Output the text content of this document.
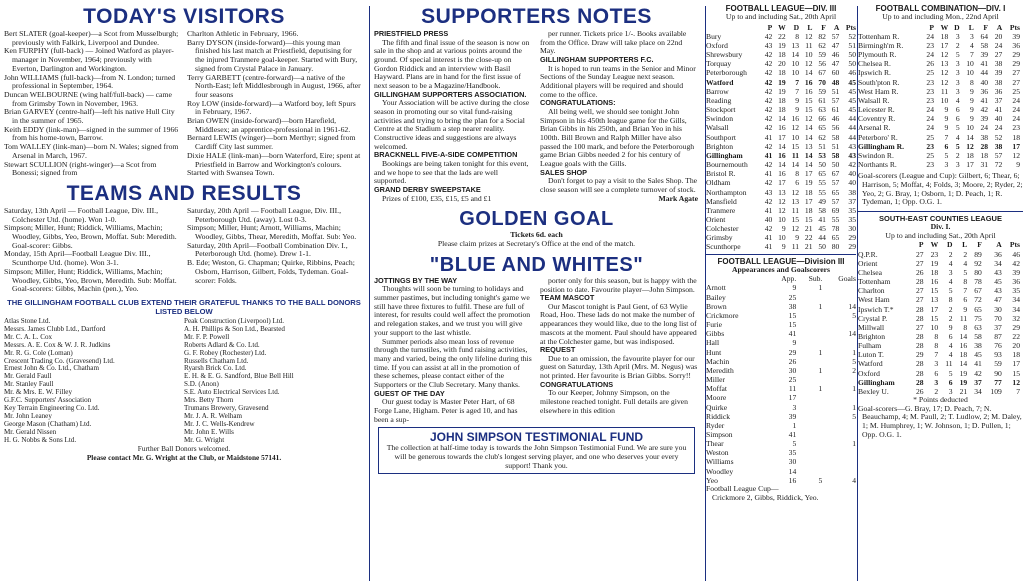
TODAY'S VISITORS

Bert SLATER (goal-keeper)—a Scot from Musselburgh; previously with Falkirk, Liverpool and Dundee.

Ken FURPHY (full-back) — Joined Watford as player-manager in November, 1964; previously with Everton, Darlington and Workington.

John WILLIAMS (full-back)—from N. London; turned professional in September, 1964.

Duncan WELBOURNE (wing half/full-back) — came from Grimsby Town in November, 1963.

Brian GARVEY (centre-half)—left his native Hull City in the summer of 1965.

Keith EDDY (link-man)—signed in the summer of 1966 from his home-town, Barrow.

Tom WALLEY (link-man)—born N. Wales; signed from Arsenal in March, 1967.

Stewart SCULLION (right-winger)—a Scot from Bonessi; signed from

Charlton Athletic in February, 1966.

Barry DYSON (inside-forward)—this young man finished his last match at Priestfield, deputising for the injured Tranmere goal-keeper. Started with Bury, signed from Crystal Palace in January.

Terry GARBETT (centre-forward)—a native of the North-East; left Middlesbrough in August, 1966, after four seasons

Roy LOW (inside-forward)—a Watford boy, left Spurs in February, 1967.

Brian OWEN (inside-forward)—born Harefield, Middlesex; an apprentice-professional in 1961-62.

Bernard LEWIS (winger)—born Merthyr; signed from Cardiff City last summer.

Dixie HALE (link-man)—born Waterford, Eire; spent at Priestfield in Barrow and Workington's colours.

Started with Swansea Town.

TEAMS AND RESULTS

Saturday, 13th April — Football League, Div. III., Colchester Utd. (home). Won 1-0.

Simpson; Miller, Hunt; Riddick, Williams, Machin; Woodley, Gibbs, Yeo, Brown, Moffat. Sub: Meredith. Goal-scorer: Gibbs.

Monday, 15th April—Football League Div. III., Scunthorpe Utd. (home). Won 3-1.

Simpson; Miller, Hunt; Riddick, Williams, Machin; Woodley, Gibbs, Yeo, Brown, Meredith. Sub: Moffat. Goal-scorers: Gibbs, Machin (pen.), Yeo.

Saturday, 20th April — Football League, Div. III., Peterborough Utd. (away). Lost 0-3.

Simpson; Miller, Hunt; Arnott, Williams, Machin; Woodley, Gibbs, Thear, Meredith, Moffat. Sub: Yeo.

Saturday, 20th April—Football Combination Div. I., Peterborough Utd. (home). Drew 1-1.

B. Ede; Weston, G. Chapman; Quirke, Ribbins, Peach; Osborn, Harrison, Gilbert, Folds, Tydeman. Goal-scorer: Folds.

THE GILLINGHAM FOOTBALL CLUB EXTEND THEIR GRATEFUL THANKS TO THE BALL DONORS LISTED BELOW
Atlas Stone Ltd.
Messrs. James Clubb Ltd., Dartford
Mr. C. A. L. Cox
Messrs. A. E. Cox & W. J. R. Judkins
Mr. R. G. Cole (Loman)
Crescent Trading Co. (Gravesend) Ltd.
Ernest John & Co. Ltd., Chatham
Mr. Gerald Faull
Mr. Stanley Faull
Mr. & Mrs. E. W. Filley
G.F.C. Supporters' Association
Key Terrain Engineering Co. Ltd.
Mr. John Leaney
George Mason (Chatham) Ltd.
Mr. Gerald Nissen
H. G. Nobbs & Sons Ltd.
Peak Construction (Liverpool) Ltd.
A. H. Phillips & Son Ltd., Bearsted
Mr. F. P. Powell
Roberts Adlard & Co. Ltd.
G. F. Robey (Rochester) Ltd.
Russells Chatham Ltd.
Ryarsh Brick Co. Ltd.
E. H. & E. G. Sandford, Blue Bell Hill
S.D. (Anon)
S.E. Auto Electrical Services Ltd.
Mrs. Betty Thorn
Trumans Brewery, Gravesend
Mr. J. A. R. Welham
Mr. J. C. Wells-Kendrew
Mr. John E. Wills
Mr. G. Wright
Further Ball Donors welcomed.
Please contact Mr. G. Wright at the Club, or Maidstone 57141.
SUPPORTERS NOTES
PRIESTFIELD PRESS

The fifth and final issue of the season is now on sale in the shop and at various points around the ground. Of special interest is the close-up on Gordon Riddick and an interview with Basil Hayward. Plans are in hand for the first issue of next season to be a Magazine/Handbook.

GILLINGHAM SUPPORTERS ASSOCIATION.

Your Association will be active during the close season in promoting our so vital fund-raising activities and trying to bring the plan for a Social Centre at the Stadium a step nearer reality. Constructive ideas and suggestions are always welcomed.

BRACKNELL FIVE-A-SIDE COMPETITION

Bookings are being taken tonight for this event, and we hope to see that the lads are well supported.

GRAND DERBY SWEEPSTAKE

Prizes of £100, £35, £15, £5 and £1

per runner. Tickets price 1/-. Books available from the Office. Draw will take place on 22nd May.

GILLINGHAM SUPPORTERS F.C.

It is hoped to run teams in the Senior and Minor Sections of the Sunday League next season. Additional players will be required and should come to the office.

CONGRATULATIONS:

All being well, we should see tonight John Simpson in his 450th league game for the Gills, Brian Gibbs in his 250th, and Brian Yeo in his 100th. Bill Brown and Ralph Miller have also passed the 100 mark, and before the Peterborough game Brian Gibbs needed 2 for his century of League goals with the Gills.

SALES SHOP

Don't forget to pay a visit to the Sales Shop. The close season will see a complete turnover of stock.

Mark Agate
GOLDEN GOAL
Tickets 6d. each
Please claim prizes at Secretary's Office at the end of the match.
"BLUE AND WHITES"
JOTTINGS BY THE WAY

Thoughts will soon be turning to holidays and summer pastimes, but including tonight's game we still have three fixtures to fulfil. These are full of interest, for results could well affect the promotion and relegation stakes, and we trust you will give your support to the last whistle.

Summer periods also mean loss of revenue through the turnstiles, with fund raising activities, many and varied, being the only lifeline during this time. If you can assist at all in the promotion of these schemes, please contact either of the Supporters or the Club Secretary. Many thanks.

GUEST OF THE DAY

Our guest today is Master Peter Hart, of 68 Forge Lane, Higham. Peter is aged 10, and has been a sup-

porter only for this season, but is happy with the position to date. Favourite player—John Simpson.

TEAM MASCOT

Our Mascot tonight is Paul Gent, of 63 Wylie Road, Hoo. These lads do not make the number of appearances they would like, due to the long list of mascots at the moment. Paul should have appeared at the Colchester game, but was indisposed.

REQUEST

Due to an omission, the favourite player for our guest on Saturday, 13th April (Mrs. M. Negus) was not printed. Her favourite is Brian Gibbs. Sorry!!

CONGRATULATIONS

To our Keeper, Johnny Simpson, on the milestone reached tonight. Full details are given elsewhere in this edition

JOHN SIMPSON TESTIMONIAL FUND
The collection at half-time today is towards the John Simpson Testimonial Fund. We are sure you will be generous towards the club's longest serving player, and one who deserves your every support! Thank you.
FOOTBALL LEAGUE—DIV. III
Up to and including Sat., 20th April
	P	W	D	L	F	A	Pts
Bury	42	22	8	12	82	57	52
Oxford	43	19	13	11	62	47	51
Shrewsbury	42	18	14	10	59	46	50
Torquay	42	20	10	12	56	47	50
Peterborough	42	18	10	14	67	60	46
Watford	42	19	7	16	70	48	45
Barrow	42	19	7	16	59	51	45
Reading	42	18	9	15	61	57	45
Stockport	42	18	9	15	63	61	45
Swindon	42	14	16	12	66	46	44
Walsall	42	16	12	14	65	56	44
Southport	41	17	10	14	62	58	44
Brighton	42	14	15	13	51	51	43
Gillingham	41	16	11	14	53	58	43
Bournemouth	42	14	14	14	50	50	42
Bristol R.	41	16	8	17	65	67	40
Oldham	42	17	6	19	55	57	40
Northampton	43	13	12	18	55	65	38
Mansfield	42	12	13	17	49	57	37
Tranmere	41	12	11	18	58	69	35
Orient	40	10	15	15	41	55	35
Colchester	42	9	12	21	45	78	30
Grimsby	41	10	9	22	44	65	29
Scunthorpe	41	9	11	21	50	80	29
FOOTBALL LEAGUE—Division III
Appearances and Goalscorers
	App.	Sub.	Goals
Arnott	9	1	
Bailey	25		
Brown	38	1	14
Crickmore	15		5
Furie	15		
Gibbs	41		14
Hall	9		
Hunt	29	1	1
Machin	26		5
Meredith	30	1	2
Miller	25		
Moffat	11	1	1
Moore	17		
Quirke	3		1
Riddick	39		5
Ryder	1		
Simpson	41		
Thear	5		1
Weston	35		
Williams	30		
Woodley	14		
Yeo	16	5	4
Football League Cup—
Crickmore 2, Gibbs, Riddick, Yeo.
FOOTBALL COMBINATION—DIV. I
Up to and including Mon., 22nd April
	P	W	D	L	F	A	Pts
Tottenham R.	24	18	3	3	64	20	39
Birmingh'm R.	23	17	2	4	58	24	36
Plymouth R.	24	12	5	7	39	27	29
Chelsea R.	26	13	3	10	41	38	29
Ipswich R.	25	12	3	10	44	39	27
South'pton R.	23	12	3	8	40	38	27
West Ham R.	23	11	3	9	36	36	25
Walsall R.	23	10	4	9	41	37	24
Leicester R.	24	9	6	9	42	41	24
Coventry R.	24	9	6	9	39	40	24
Arsenal R.	24	9	5	10	24	24	23
Peterboro' R.	25	7	4	14	38	52	18
Gillingham R.	23	6	5	12	28	38	17
Swindon R.	25	5	2	18	18	57	12
Northants R.	23	3	3	17	31	72	9
Goal-scorers (League and Cup): Gilbert, 6; Thear, 6; Harrison, 5; Moffat, 4; Folds, 3; Moore, 2; Ryder, 2; Yeo, 2; G. Bray, 1; Osborn, 1; D. Peach, 1; R. Tydeman, 1; Opp. O.G. 1.
SOUTH-EAST COUNTIES LEAGUE
Div. I.
Up to and including Sat., 20th April
	P	W	D	L	F	A	Pts
Q.P.R.	27	23	2	2	89	36	46
Orient	27	19	4	4	92	34	42
Chelsea	26	18	3	5	80	43	39
Tottenham	28	16	4	8	78	45	36
Charlton	27	15	5	7	67	43	35
West Ham	27	13	8	6	72	47	34
Ipswich T.*	28	17	2	9	65	30	34
Crystal P.	28	15	2	11	75	70	32
Millwall	27	10	9	8	63	37	29
Brighton	28	8	6	14	58	87	22
Fulham	28	8	4	16	38	76	20
Luton T.	29	7	4	18	45	93	18
Watford	28	3	11	14	41	59	17
Oxford	28	6	5	19	42	90	15
Gillingham	28	3	6	19	37	77	12
Bexley U.	26	2	3	21	34	109	7
* Points deducted
Goal-scorers—G. Bray, 17; D. Peach, 7; N. Beauchamp, 4; M. Paull, 2; T. Ludlow, 2; M. Daley, 1; M. Humphrey, 1; W. Johnson, 1; D. Pullen, 1; Opp. O.G. 1.
